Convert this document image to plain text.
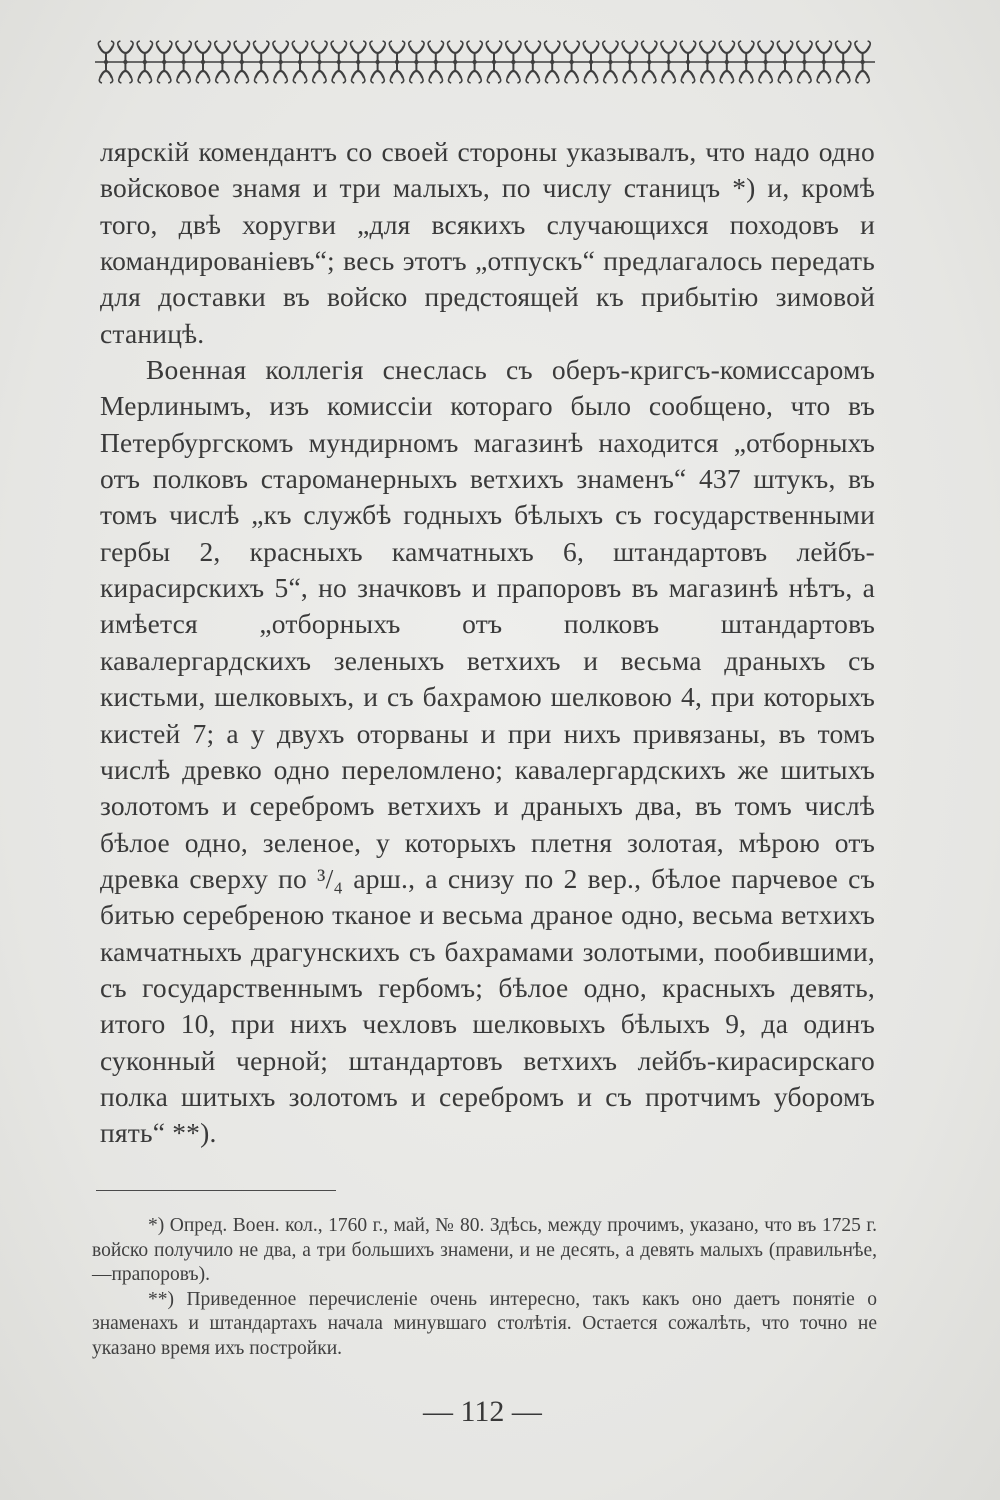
лярскій комендантъ со своей стороны указывалъ, что надо одно войсковое знамя и три малыхъ, по числу станицъ *) и, кромѣ того, двѣ хоругви „для всякихъ случающихся походовъ и командированіевъ“; весь этотъ „отпускъ“ предлагалось передать для доставки въ войско предстоящей къ прибытію зимовой станицѣ.

Военная коллегія снеслась съ оберъ-кригсъ-комиссаромъ Мерлинымъ, изъ комиссіи котораго было сообщено, что въ Петербургскомъ мундирномъ магазинѣ находится „отборныхъ отъ полковъ староманерныхъ ветхихъ знаменъ“ 437 штукъ, въ томъ числѣ „къ службѣ годныхъ бѣлыхъ съ государственными гербы 2, красныхъ камчатныхъ 6, штандартовъ лейбъ-кирасирскихъ 5“, но значковъ и прапоровъ въ магазинѣ нѣтъ, а имѣется „отборныхъ отъ полковъ штандартовъ кавалергардскихъ зеленыхъ ветхихъ и весьма драныхъ съ кистьми, шелковыхъ, и съ бахрамою шелковою 4, при которыхъ кистей 7; а у двухъ оторваны и при нихъ привязаны, въ томъ числѣ древко одно переломлено; кавалергардскихъ же шитыхъ золотомъ и серебромъ ветхихъ и драныхъ два, въ томъ числѣ бѣлое одно, зеленое, у которыхъ плетня золотая, мѣрою отъ древка сверху по ³/₄ арш., а снизу по 2 вер., бѣлое парчевое съ битью серебреною тканое и весьма драное одно, весьма ветхихъ камчатныхъ драгунскихъ съ бахрамами золотыми, пообившими, съ государственнымъ гербомъ; бѣлое одно, красныхъ девять, итого 10, при нихъ чехловъ шелковыхъ бѣлыхъ 9, да одинъ суконный черной; штандартовъ ветхихъ лейбъ-кирасирскаго полка шитыхъ золотомъ и серебромъ и съ протчимъ уборомъ пять“ **).

*) Опред. Воен. кол., 1760 г., май, № 80. Здѣсь, между прочимъ, указано, что въ 1725 г. войско получило не два, а три большихъ знамени, и не десять, а девять малыхъ (правильнѣе,—прапоровъ).

**) Приведенное перечисленіе очень интересно, такъ какъ оно даетъ понятіе о знаменахъ и штандартахъ начала минувшаго столѣтія. Остается сожалѣть, что точно не указано время ихъ постройки.

— 112 —
